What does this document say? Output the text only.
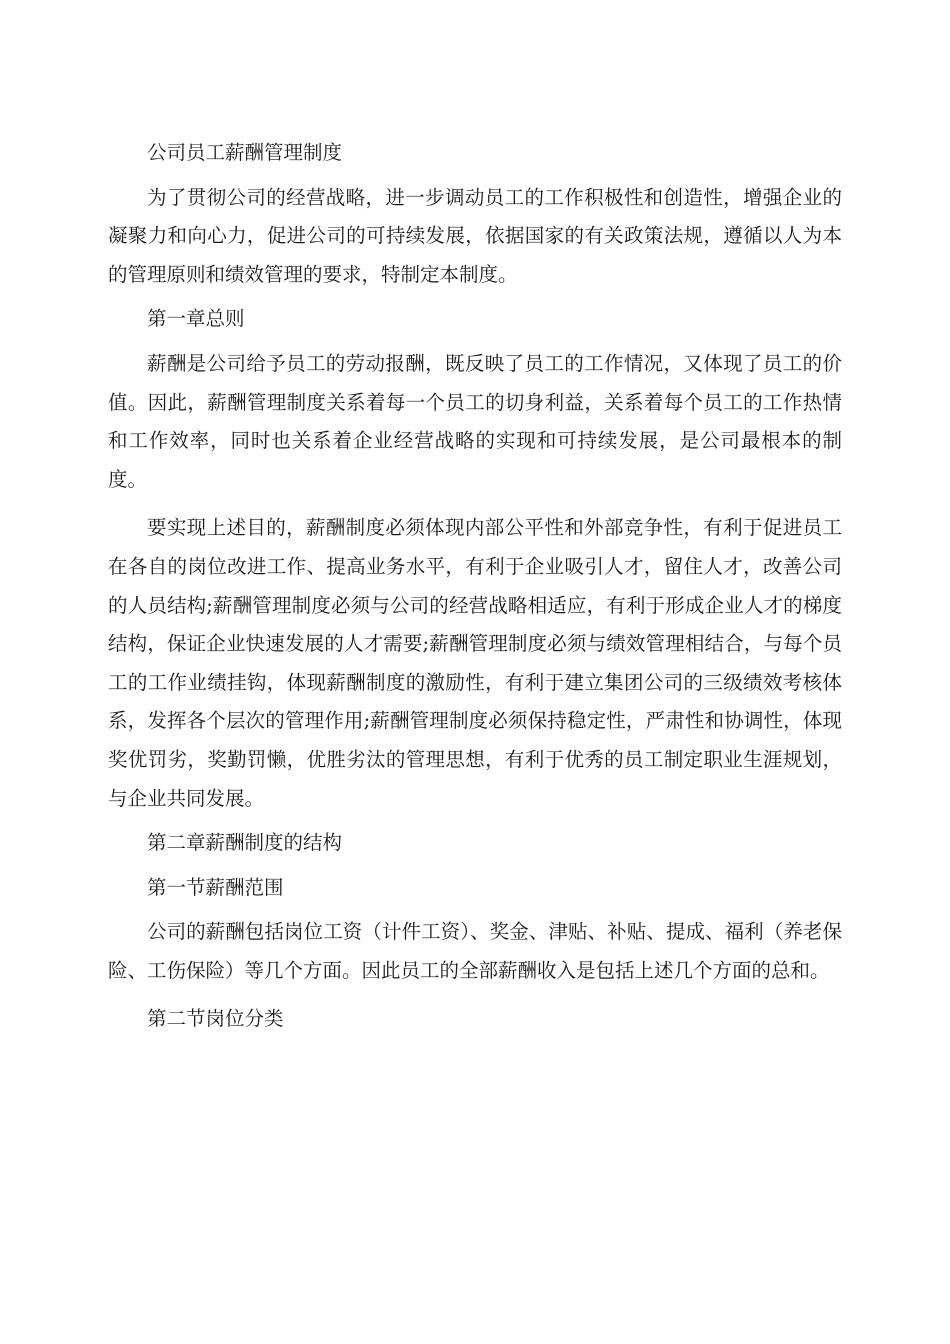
公司员工薪酬管理制度

为了贯彻公司的经营战略，进一步调动员工的工作积极性和创造性，增强企业的凝聚力和向心力，促进公司的可持续发展，依据国家的有关政策法规，遵循以人为本的管理原则和绩效管理的要求，特制定本制度。

第一章总则

薪酬是公司给予员工的劳动报酬，既反映了员工的工作情况，又体现了员工的价值。因此，薪酬管理制度关系着每一个员工的切身利益，关系着每个员工的工作热情和工作效率，同时也关系着企业经营战略的实现和可持续发展，是公司最根本的制度。

要实现上述目的，薪酬制度必须体现内部公平性和外部竞争性，有利于促进员工在各自的岗位改进工作、提高业务水平，有利于企业吸引人才，留住人才，改善公司的人员结构;薪酬管理制度必须与公司的经营战略相适应，有利于形成企业人才的梯度结构，保证企业快速发展的人才需要;薪酬管理制度必须与绩效管理相结合，与每个员工的工作业绩挂钩，体现薪酬制度的激励性，有利于建立集团公司的三级绩效考核体系，发挥各个层次的管理作用;薪酬管理制度必须保持稳定性，严肃性和协调性，体现奖优罚劣，奖勤罚懒，优胜劣汰的管理思想，有利于优秀的员工制定职业生涯规划，与企业共同发展。

第二章薪酬制度的结构

第一节薪酬范围

公司的薪酬包括岗位工资（计件工资）、奖金、津贴、补贴、提成、福利（养老保险、工伤保险）等几个方面。因此员工的全部薪酬收入是包括上述几个方面的总和。

第二节岗位分类
